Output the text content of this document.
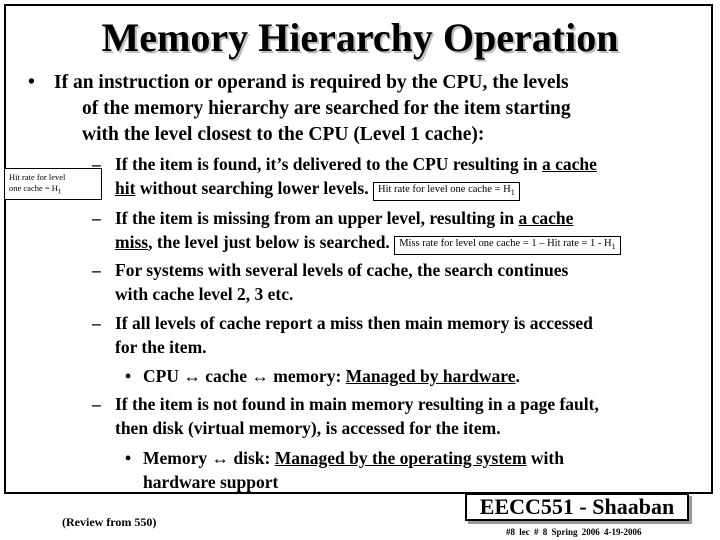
Memory Hierarchy Operation
• If an instruction or operand is required by the CPU, the levels
of the memory hierarchy are searched for the item starting
with the level closest to the CPU (Level 1 cache):
Hit rate for level
one cache = $H_1$
– If the item is found, it’s delivered to the CPU resulting in a cache
hit without searching lower levels. Hit rate for level one cache = $H_1$
– If the item is missing from an upper level, resulting in a cache
miss, the level just below is searched. Miss rate for level one cache = 1 – Hit rate = $1 - H_1$
– For systems with several levels of cache, the search continues
with cache level 2, 3 etc.
– If all levels of cache report a miss then main memory is accessed
for the item.
• CPU ↔ cache ↔ memory: Managed by hardware.
– If the item is not found in main memory resulting in a page fault,
then disk (virtual memory), is accessed for the item.
• Memory ↔ disk: Managed by the operating system with
hardware support
(Review from 550)
EECC551 - Shaaban
#8 lec # 8 Spring 2006 4-19-2006
